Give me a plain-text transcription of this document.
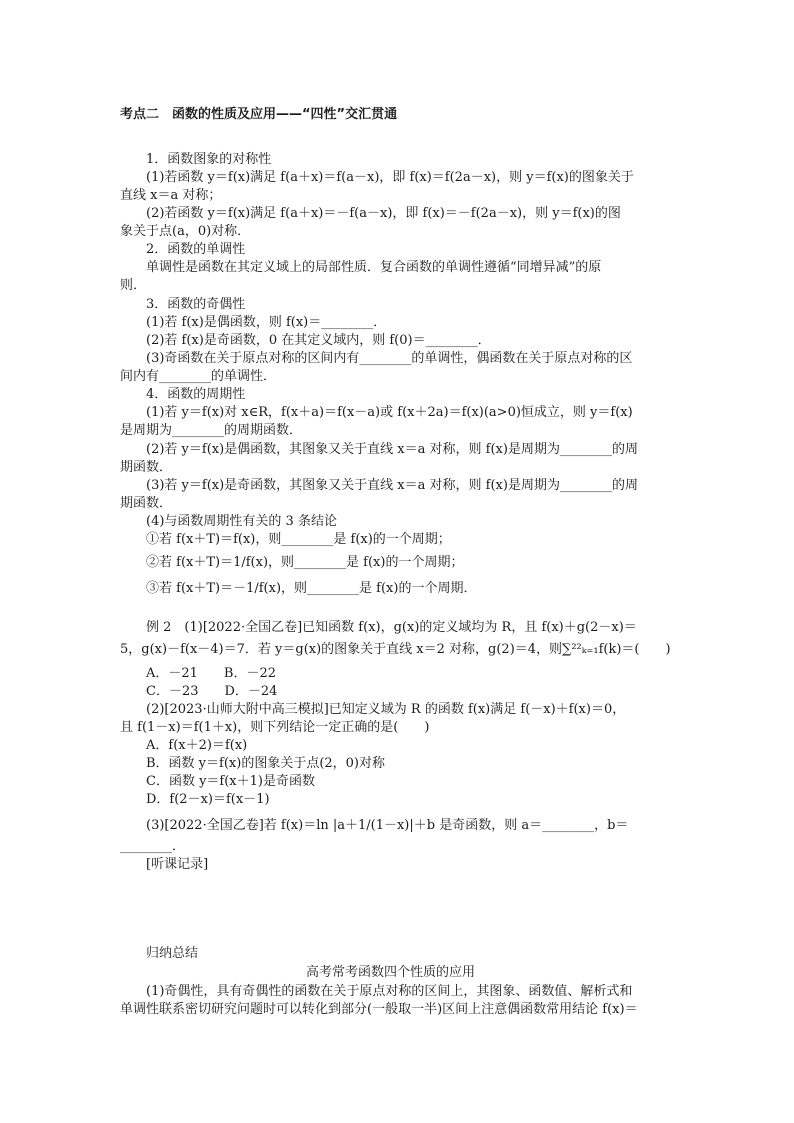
考点二　函数的性质及应用——“四性”交汇贯通
1．函数图象的对称性
(1)若函数 y＝f(x)满足 f(a＋x)＝f(a－x)，即 f(x)＝f(2a－x)，则 y＝f(x)的图象关于
直线 x＝a 对称；
(2)若函数 y＝f(x)满足 f(a＋x)＝－f(a－x)，即 f(x)＝－f(2a－x)，则 y＝f(x)的图
象关于点(a，0)对称．
2．函数的单调性
单调性是函数在其定义域上的局部性质．复合函数的单调性遵循“同增异减”的原
则．
3．函数的奇偶性
(1)若 f(x)是偶函数，则 f(x)＝________．
(2)若 f(x)是奇函数，0 在其定义域内，则 f(0)＝________．
(3)奇函数在关于原点对称的区间内有________的单调性，偶函数在关于原点对称的区
间内有________的单调性．
4．函数的周期性
(1)若 y＝f(x)对 x∈R，f(x＋a)＝f(x－a)或 f(x＋2a)＝f(x)(a>0)恒成立，则 y＝f(x)
是周期为________的周期函数．
(2)若 y＝f(x)是偶函数，其图象又关于直线 x＝a 对称，则 f(x)是周期为________的周
期函数．
(3)若 y＝f(x)是奇函数，其图象又关于直线 x＝a 对称，则 f(x)是周期为________的周
期函数．
(4)与函数周期性有关的 3 条结论
①若 f(x＋T)＝f(x)，则________是 f(x)的一个周期；
②若 f(x＋T)＝1/f(x)，则________是 f(x)的一个周期；
③若 f(x＋T)＝－1/f(x)，则________是 f(x)的一个周期．
例 2　(1)[2022·全国乙卷]已知函数 f(x)，g(x)的定义域均为 R，且 f(x)＋g(2－x)＝
5，g(x)－f(x－4)＝7．若 y＝g(x)的图象关于直线 x＝2 对称，g(2)＝4，则∑²²ₖ₌₁f(k)＝(　　)
A．－21　　B．－22
C．－23　　D．－24
(2)[2023·山师大附中高三模拟]已知定义域为 R 的函数 f(x)满足 f(－x)＋f(x)＝0，
且 f(1－x)＝f(1＋x)，则下列结论一定正确的是(　　)
A．f(x＋2)＝f(x)
B．函数 y＝f(x)的图象关于点(2，0)对称
C．函数 y＝f(x＋1)是奇函数
D．f(2－x)＝f(x－1)
(3)[2022·全国乙卷]若 f(x)＝ln |a＋1/(1－x)|＋b 是奇函数，则 a＝________，b＝
________．
[听课记录]
归纳总结
高考常考函数四个性质的应用
(1)奇偶性，具有奇偶性的函数在关于原点对称的区间上，其图象、函数值、解析式和
单调性联系密切研究问题时可以转化到部分(一般取一半)区间上注意偶函数常用结论 f(x)＝
